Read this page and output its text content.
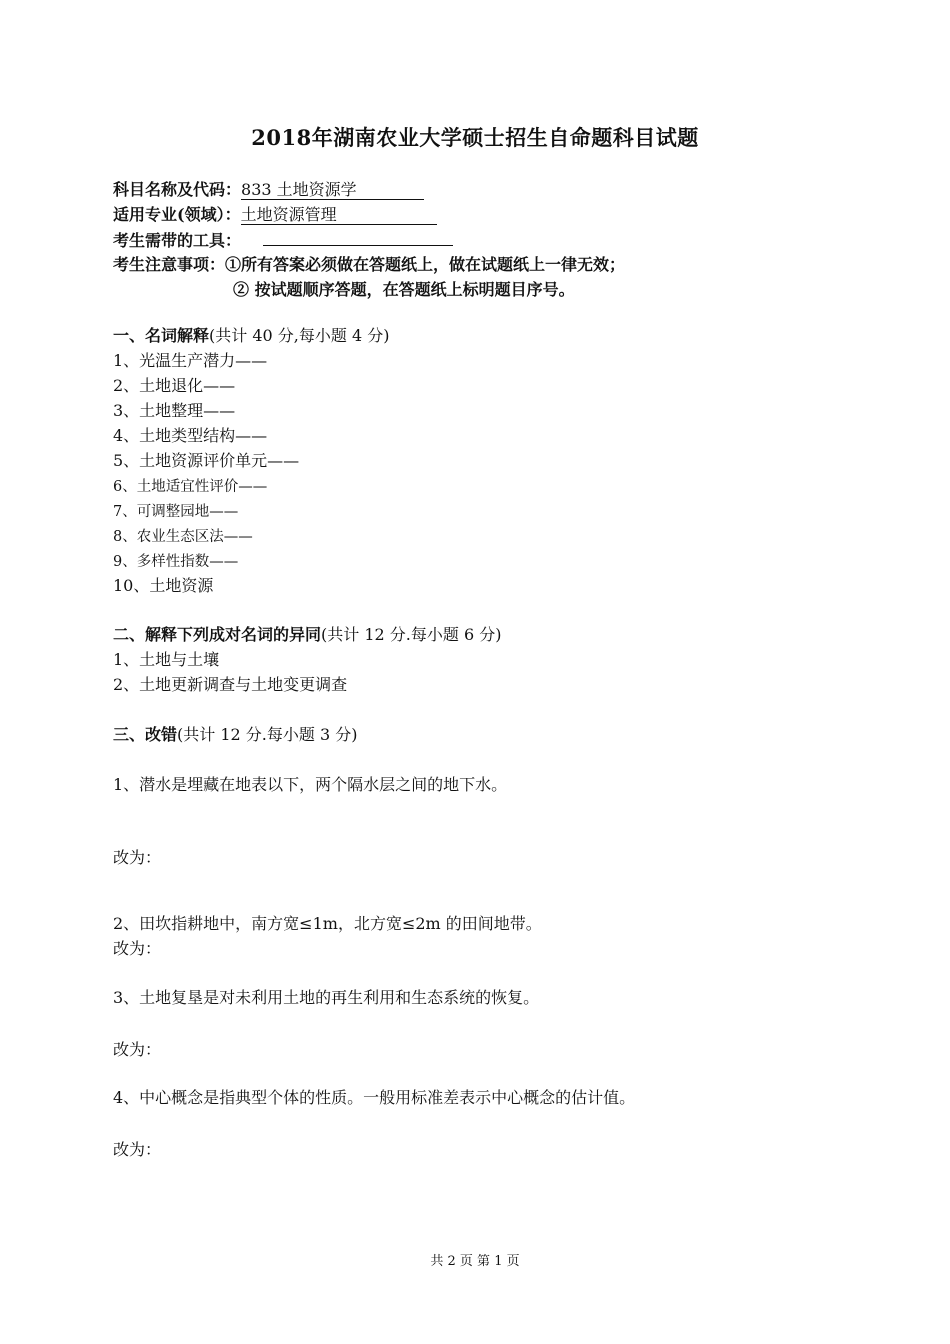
2018年湖南农业大学硕士招生自命题科目试题
科目名称及代码：833 土地资源学
适用专业(领域）：土地资源管理
考生需带的工具：
考生注意事项：①所有答案必须做在答题纸上，做在试题纸上一律无效；
② 按试题顺序答题，在答题纸上标明题目序号。
一、名词解释(共计 40 分,每小题 4 分)
1、光温生产潜力——
2、土地退化——
3、土地整理——
4、土地类型结构——
5、土地资源评价单元——
6、土地适宜性评价——
7、可调整园地——
8、农业生态区法——
9、多样性指数——
10、土地资源
二、解释下列成对名词的异同(共计 12 分.每小题 6 分)
1、土地与土壤
2、土地更新调查与土地变更调查
三、改错(共计 12 分.每小题 3 分)
1、潜水是埋藏在地表以下，两个隔水层之间的地下水。
改为：
2、田坎指耕地中，南方宽≤1m，北方宽≤2m 的田间地带。
改为：
3、土地复垦是对未利用土地的再生利用和生态系统的恢复。
改为：
4、中心概念是指典型个体的性质。一般用标准差表示中心概念的估计值。
改为：
共 2 页 第 1 页
